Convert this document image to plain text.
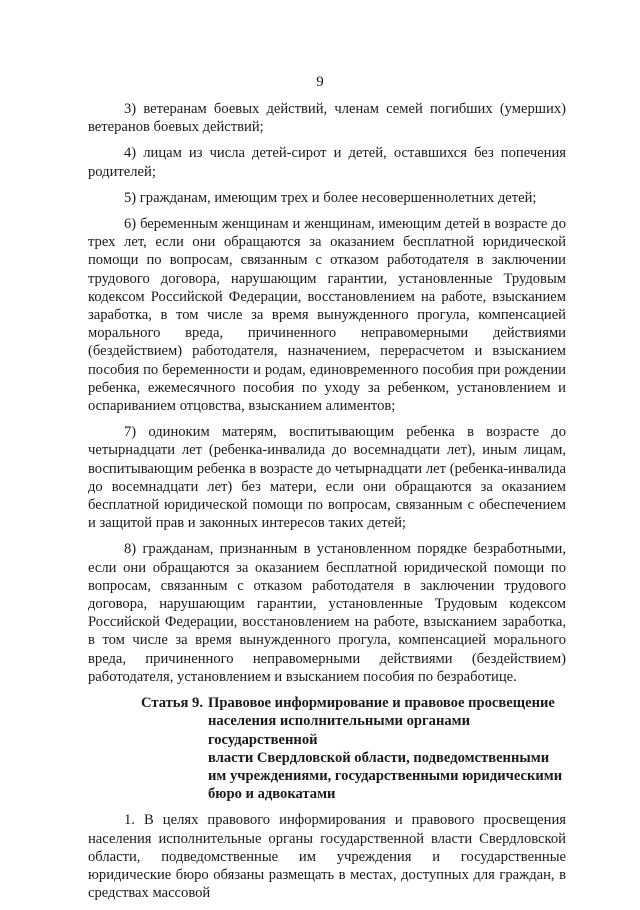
9

3) ветеранам боевых действий, членам семей погибших (умерших) ветеранов боевых действий;

4) лицам из числа детей-сирот и детей, оставшихся без попечения родителей;

5) гражданам, имеющим трех и более несовершеннолетних детей;

6) беременным женщинам и женщинам, имеющим детей в возрасте до трех лет, если они обращаются за оказанием бесплатной юридической помощи по вопросам, связанным с отказом работодателя в заключении трудового договора, нарушающим гарантии, установленные Трудовым кодексом Российской Федерации, восстановлением на работе, взысканием заработка, в том числе за время вынужденного прогула, компенсацией морального вреда, причиненного неправомерными действиями (бездействием) работодателя, назначением, перерасчетом и взысканием пособия по беременности и родам, единовременного пособия при рождении ребенка, ежемесячного пособия по уходу за ребенком, установлением и оспариванием отцовства, взысканием алиментов;

7) одиноким матерям, воспитывающим ребенка в возрасте до четырнадцати лет (ребенка-инвалида до восемнадцати лет), иным лицам, воспитывающим ребенка в возрасте до четырнадцати лет (ребенка-инвалида до восемнадцати лет) без матери, если они обращаются за оказанием бесплатной юридической помощи по вопросам, связанным с обеспечением и защитой прав и законных интересов таких детей;

8) гражданам, признанным в установленном порядке безработными, если они обращаются за оказанием бесплатной юридической помощи по вопросам, связанным с отказом работодателя в заключении трудового договора, нарушающим гарантии, установленные Трудовым кодексом Российской Федерации, восстановлением на работе, взысканием заработка, в том числе за время вынужденного прогула, компенсацией морального вреда, причиненного неправомерными действиями (бездействием) работодателя, установлением и взысканием пособия по безработице.

Статья 9. Правовое информирование и правовое просвещение
населения исполнительными органами государственной
власти Свердловской области, подведомственными
им учреждениями, государственными юридическими
бюро и адвокатами

1. В целях правового информирования и правового просвещения населения исполнительные органы государственной власти Свердловской области, подведомственные им учреждения и государственные юридические бюро обязаны размещать в местах, доступных для граждан, в средствах массовой
